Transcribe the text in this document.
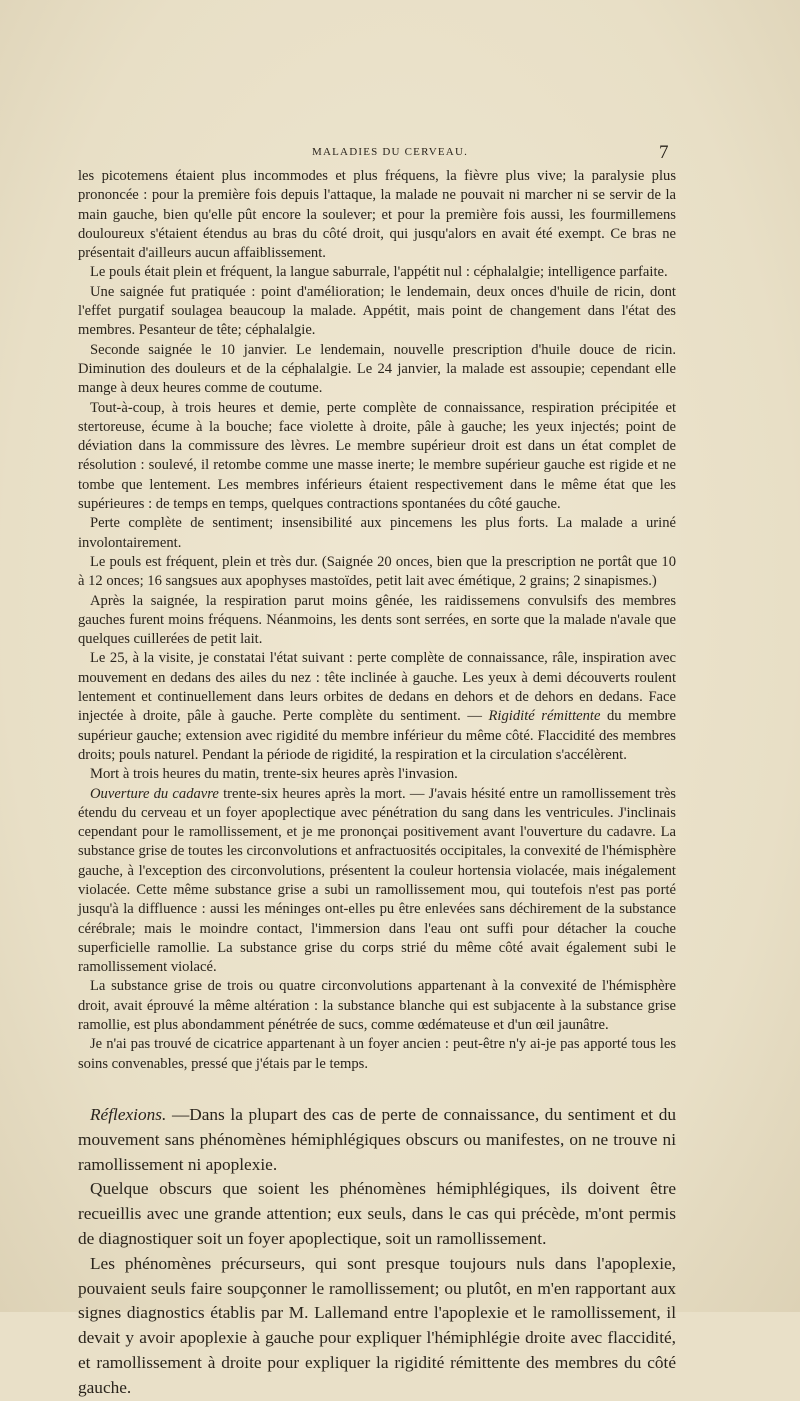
MALADIES DU CERVEAU.	7

les picotemens étaient plus incommodes et plus fréquens, la fièvre plus vive; la paralysie plus prononcée : pour la première fois depuis l'attaque, la malade ne pouvait ni marcher ni se servir de la main gauche, bien qu'elle pût encore la soulever; et pour la première fois aussi, les fourmillemens douloureux s'étaient étendus au bras du côté droit, qui jusqu'alors en avait été exempt. Ce bras ne présentait d'ailleurs aucun affaiblissement.

Le pouls était plein et fréquent, la langue saburrale, l'appétit nul : céphalalgie; intelligence parfaite.

Une saignée fut pratiquée : point d'amélioration; le lendemain, deux onces d'huile de ricin, dont l'effet purgatif soulagea beaucoup la malade. Appétit, mais point de changement dans l'état des membres. Pesanteur de tête; céphalalgie.

Seconde saignée le 10 janvier. Le lendemain, nouvelle prescription d'huile douce de ricin. Diminution des douleurs et de la céphalalgie. Le 24 janvier, la malade est assoupie; cependant elle mange à deux heures comme de coutume.

Tout-à-coup, à trois heures et demie, perte complète de connaissance, respiration précipitée et stertoreuse, écume à la bouche; face violette à droite, pâle à gauche; les yeux injectés; point de déviation dans la commissure des lèvres. Le membre supérieur droit est dans un état complet de résolution : soulevé, il retombe comme une masse inerte; le membre supérieur gauche est rigide et ne tombe que lentement. Les membres inférieurs étaient respectivement dans le même état que les supérieures : de temps en temps, quelques contractions spontanées du côté gauche.

Perte complète de sentiment; insensibilité aux pincemens les plus forts. La malade a uriné involontairement.

Le pouls est fréquent, plein et très dur. (Saignée 20 onces, bien que la prescription ne portât que 10 à 12 onces; 16 sangsues aux apophyses mastoïdes, petit lait avec émétique, 2 grains; 2 sinapismes.)

Après la saignée, la respiration parut moins gênée, les raidissemens convulsifs des membres gauches furent moins fréquens. Néanmoins, les dents sont serrées, en sorte que la malade n'avale que quelques cuillerées de petit lait.

Le 25, à la visite, je constatai l'état suivant : perte complète de connaissance, râle, inspiration avec mouvement en dedans des ailes du nez : tête inclinée à gauche. Les yeux à demi découverts roulent lentement et continuellement dans leurs orbites de dedans en dehors et de dehors en dedans. Face injectée à droite, pâle à gauche. Perte complète du sentiment. — Rigidité rémittente du membre supérieur gauche; extension avec rigidité du membre inférieur du même côté. Flaccidité des membres droits; pouls naturel. Pendant la période de rigidité, la respiration et la circulation s'accélèrent.

Mort à trois heures du matin, trente-six heures après l'invasion.

Ouverture du cadavre trente-six heures après la mort. — J'avais hésité entre un ramollissement très étendu du cerveau et un foyer apoplectique avec pénétration du sang dans les ventricules. J'inclinais cependant pour le ramollissement, et je me prononçai positivement avant l'ouverture du cadavre. La substance grise de toutes les circonvolutions et anfractuosités occipitales, la convexité de l'hémisphère gauche, à l'exception des circonvolutions, présentent la couleur hortensia violacée, mais inégalement violacée. Cette même substance grise a subi un ramollissement mou, qui toutefois n'est pas porté jusqu'à la diffluence : aussi les méninges ont-elles pu être enlevées sans déchirement de la substance cérébrale; mais le moindre contact, l'immersion dans l'eau ont suffi pour détacher la couche superficielle ramollie. La substance grise du corps strié du même côté avait également subi le ramollissement violacé.

La substance grise de trois ou quatre circonvolutions appartenant à la convexité de l'hémisphère droit, avait éprouvé la même altération : la substance blanche qui est subjacente à la substance grise ramollie, est plus abondamment pénétrée de sucs, comme œdémateuse et d'un œil jaunâtre.

Je n'ai pas trouvé de cicatrice appartenant à un foyer ancien : peut-être n'y ai-je pas apporté tous les soins convenables, pressé que j'étais par le temps.

Réflexions. —Dans la plupart des cas de perte de connaissance, du sentiment et du mouvement sans phénomènes hémiphlégiques obscurs ou manifestes, on ne trouve ni ramollissement ni apoplexie.

Quelque obscurs que soient les phénomènes hémiphlégiques, ils doivent être recueillis avec une grande attention; eux seuls, dans le cas qui précède, m'ont permis de diagnostiquer soit un foyer apoplectique, soit un ramollissement.

Les phénomènes précurseurs, qui sont presque toujours nuls dans l'apoplexie, pouvaient seuls faire soupçonner le ramollissement; ou plutôt, en m'en rapportant aux signes diagnostics établis par M. Lallemand entre l'apoplexie et le ramollissement, il devait y avoir apoplexie à gauche pour expliquer l'hémiphlégie droite avec flaccidité, et ramollissement à droite pour expliquer la rigidité rémittente des membres du côté gauche.
